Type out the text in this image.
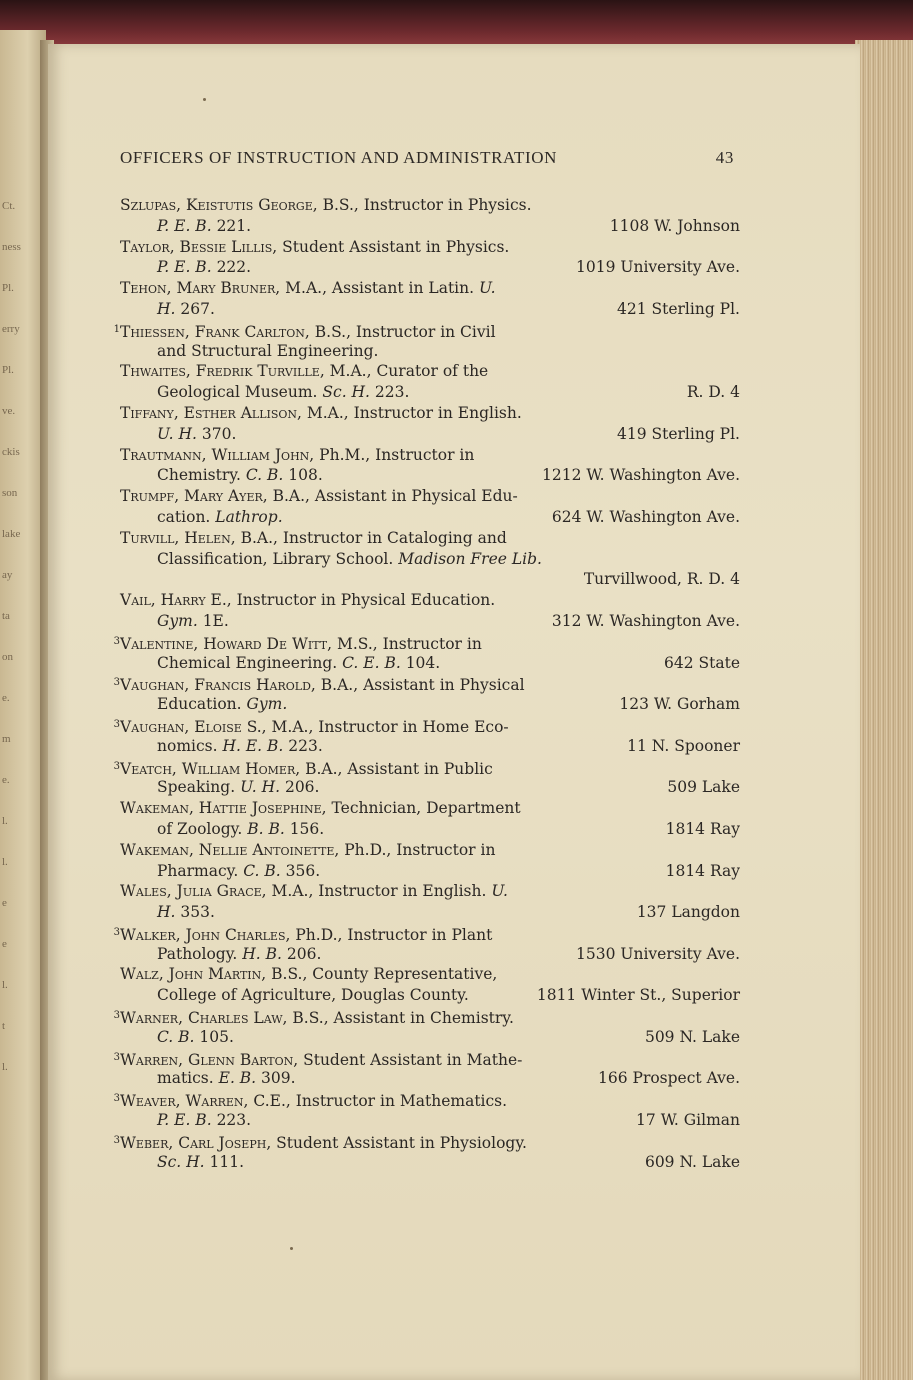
Ct.
ness
Pl.
erry
Pl.
ve.
ckis
son
lake
ay
ta
on
e.
m
e.
l.
l.
e
e
l.
t
l.
OFFICERS OF INSTRUCTION AND ADMINISTRATION	43
Szlupas, Keistutis George, B.S., Instructor in Physics.
P. E. B. 221.	1108 W. Johnson
Taylor, Bessie Lillis, Student Assistant in Physics.
P. E. B. 222.	1019 University Ave.
Tehon, Mary Bruner, M.A., Assistant in Latin. U.
H. 267.	421 Sterling Pl.
1Thiessen, Frank Carlton, B.S., Instructor in Civil
and Structural Engineering.
Thwaites, Fredrik Turville, M.A., Curator of the
Geological Museum. Sc. H. 223.	R. D. 4
Tiffany, Esther Allison, M.A., Instructor in English.
U. H. 370.	419 Sterling Pl.
Trautmann, William John, Ph.M., Instructor in
Chemistry. C. B. 108.	1212 W. Washington Ave.
Trumpf, Mary Ayer, B.A., Assistant in Physical Edu-
cation. Lathrop.	624 W. Washington Ave.
Turvill, Helen, B.A., Instructor in Cataloging and
Classification, Library School. Madison Free Lib.
Turvillwood, R. D. 4
Vail, Harry E., Instructor in Physical Education.
Gym. 1E.	312 W. Washington Ave.
3Valentine, Howard De Witt, M.S., Instructor in
Chemical Engineering. C. E. B. 104.	642 State
3Vaughan, Francis Harold, B.A., Assistant in Physical
Education. Gym.	123 W. Gorham
3Vaughan, Eloise S., M.A., Instructor in Home Eco-
nomics. H. E. B. 223.	11 N. Spooner
3Veatch, William Homer, B.A., Assistant in Public
Speaking. U. H. 206.	509 Lake
Wakeman, Hattie Josephine, Technician, Department
of Zoology. B. B. 156.	1814 Ray
Wakeman, Nellie Antoinette, Ph.D., Instructor in
Pharmacy. C. B. 356.	1814 Ray
Wales, Julia Grace, M.A., Instructor in English. U.
H. 353.	137 Langdon
3Walker, John Charles, Ph.D., Instructor in Plant
Pathology. H. B. 206.	1530 University Ave.
Walz, John Martin, B.S., County Representative,
College of Agriculture, Douglas County.	1811 Winter St., Superior
3Warner, Charles Law, B.S., Assistant in Chemistry.
C. B. 105.	509 N. Lake
3Warren, Glenn Barton, Student Assistant in Mathe-
matics. E. B. 309.	166 Prospect Ave.
3Weaver, Warren, C.E., Instructor in Mathematics.
P. E. B. 223.	17 W. Gilman
3Weber, Carl Joseph, Student Assistant in Physiology.
Sc. H. 111.	609 N. Lake
